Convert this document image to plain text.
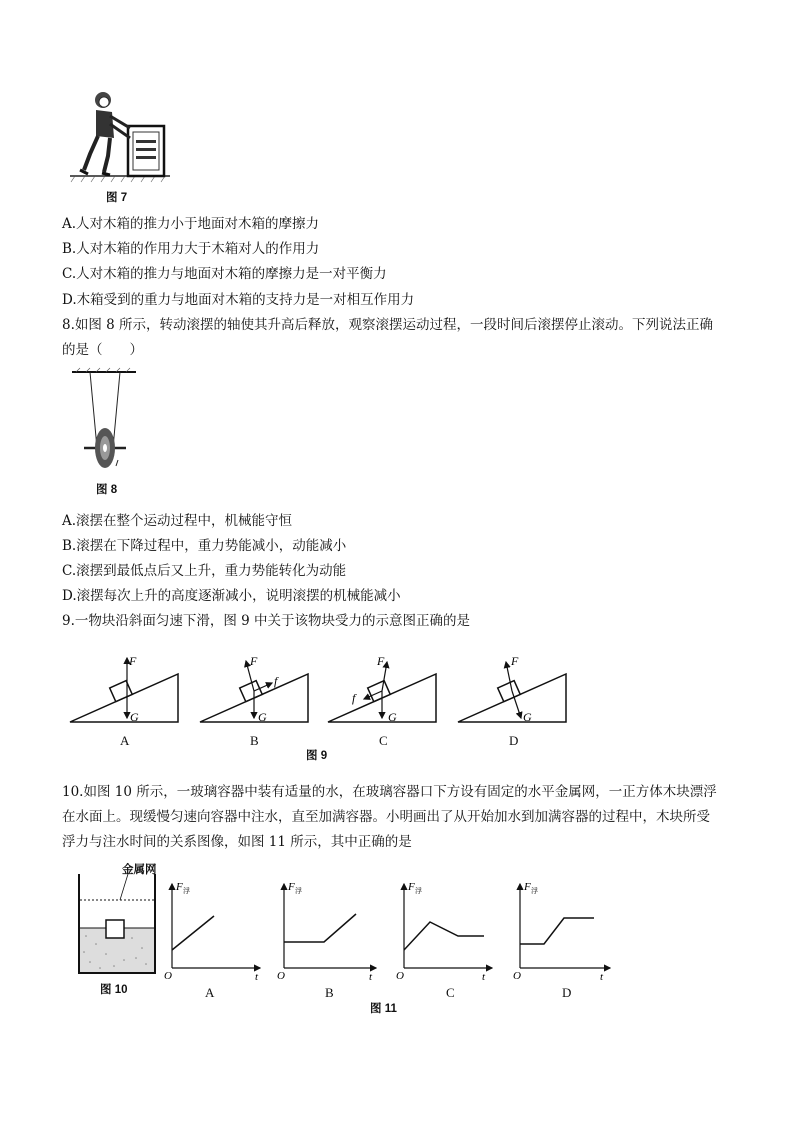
图 7
A.人对木箱的推力小于地面对木箱的摩擦力
B.人对木箱的作用力大于木箱对人的作用力
C.人对木箱的推力与地面对木箱的摩擦力是一对平衡力
D.木箱受到的重力与地面对木箱的支持力是一对相互作用力
8.如图 8 所示，转动滚摆的轴使其升高后释放，观察滚摆运动过程，一段时间后滚摆停止滚动。下列说法正确
的是（　　）
图 8
A.滚摆在整个运动过程中，机械能守恒
B.滚摆在下降过程中，重力势能减小，动能减小
C.滚摆到最低点后又上升，重力势能转化为动能
D.滚摆每次上升的高度逐渐减小，说明滚摆的机械能减小
9.一物块沿斜面匀速下滑，图 9 中关于该物块受力的示意图正确的是
F
G
F
G
f
F
G
f
F
G
A	B	C	D
图 9
10.如图 10 所示，一玻璃容器中装有适量的水，在玻璃容器口下方设有固定的水平金属网，一正方体木块漂浮
在水面上。现缓慢匀速向容器中注水，直至加满容器。小明画出了从开始加水到加满容器的过程中，木块所受
浮力与注水时间的关系图像，如图 11 所示，其中正确的是
金属网
图 10
F 浮
O	t
F 浮
O	t
F 浮
O	t
F 浮
O	t
A	B	C	D
图 11
